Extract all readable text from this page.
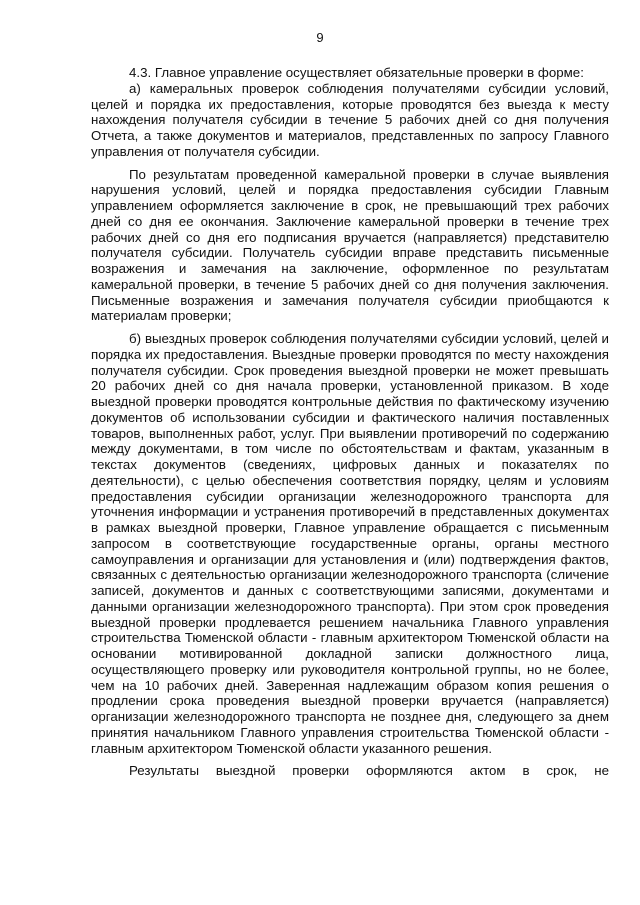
9

4.3. Главное управление осуществляет обязательные проверки в форме:

а) камеральных проверок соблюдения получателями субсидии условий, целей и порядка их предоставления, которые проводятся без выезда к месту нахождения получателя субсидии в течение 5 рабочих дней со дня получения Отчета, а также документов и материалов, представленных по запросу Главного управления от получателя субсидии.

По результатам проведенной камеральной проверки в случае выявления нарушения условий, целей и порядка предоставления субсидии Главным управлением оформляется заключение в срок, не превышающий трех рабочих дней со дня ее окончания. Заключение камеральной проверки в течение трех рабочих дней со дня его подписания вручается (направляется) представителю получателя субсидии. Получатель субсидии вправе представить письменные возражения и замечания на заключение, оформленное по результатам камеральной проверки, в течение 5 рабочих дней со дня получения заключения. Письменные возражения и замечания получателя субсидии приобщаются к материалам проверки;

б) выездных проверок соблюдения получателями субсидии условий, целей и порядка их предоставления. Выездные проверки проводятся по месту нахождения получателя субсидии. Срок проведения выездной проверки не может превышать 20 рабочих дней со дня начала проверки, установленной приказом. В ходе выездной проверки проводятся контрольные действия по фактическому изучению документов об использовании субсидии и фактического наличия поставленных товаров, выполненных работ, услуг. При выявлении противоречий по содержанию между документами, в том числе по обстоятельствам и фактам, указанным в текстах документов (сведениях, цифровых данных и показателях по деятельности), с целью обеспечения соответствия порядку, целям и условиям предоставления субсидии организации железнодорожного транспорта для уточнения информации и устранения противоречий в представленных документах в рамках выездной проверки, Главное управление обращается с письменным запросом в соответствующие государственные органы, органы местного самоуправления и организации для установления и (или) подтверждения фактов, связанных с деятельностью организации железнодорожного транспорта (сличение записей, документов и данных с соответствующими записями, документами и данными организации железнодорожного транспорта). При этом срок проведения выездной проверки продлевается решением начальника Главного управления строительства Тюменской области - главным архитектором Тюменской области на основании мотивированной докладной записки должностного лица, осуществляющего проверку или руководителя контрольной группы, но не более, чем на 10 рабочих дней. Заверенная надлежащим образом копия решения о продлении срока проведения выездной проверки вручается (направляется) организации железнодорожного транспорта не позднее дня, следующего за днем принятия начальником Главного управления строительства Тюменской области - главным архитектором Тюменской области указанного решения.

Результаты выездной проверки оформляются актом в срок, не
